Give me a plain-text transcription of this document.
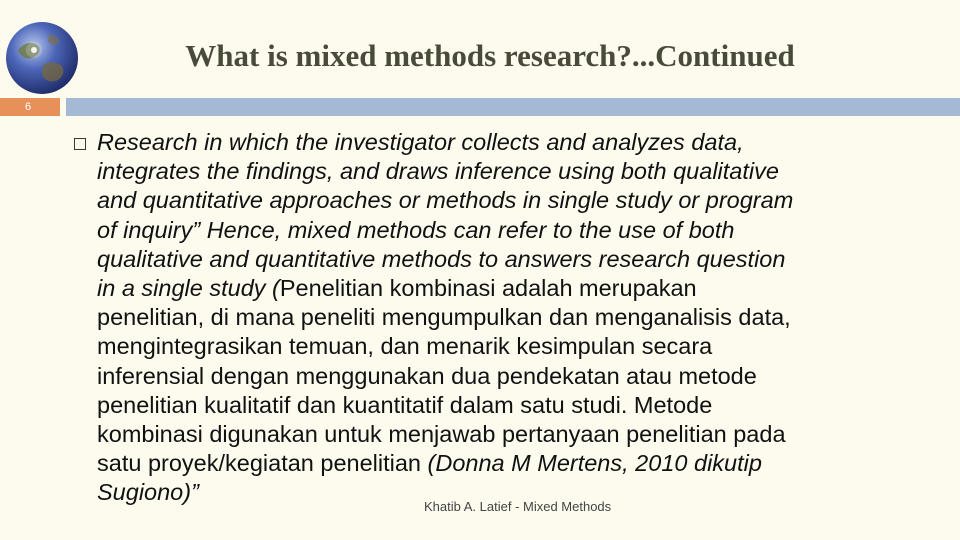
What is mixed methods research?...Continued
6
Research in which the investigator collects and analyzes data,
integrates the findings, and draws inference using both qualitative
and quantitative approaches or methods in single study or program
of inquiry” Hence, mixed methods can refer to the use of both
qualitative and quantitative methods to answers research question
in a single study (Penelitian kombinasi adalah merupakan
penelitian, di mana peneliti mengumpulkan dan menganalisis data,
mengintegrasikan temuan, dan menarik kesimpulan secara
inferensial dengan menggunakan dua pendekatan atau metode
penelitian kualitatif dan kuantitatif dalam satu studi. Metode
kombinasi digunakan untuk menjawab pertanyaan penelitian pada
satu proyek/kegiatan penelitian (Donna M Mertens, 2010 dikutip
Sugiono)”
Khatib A. Latief - Mixed Methods
